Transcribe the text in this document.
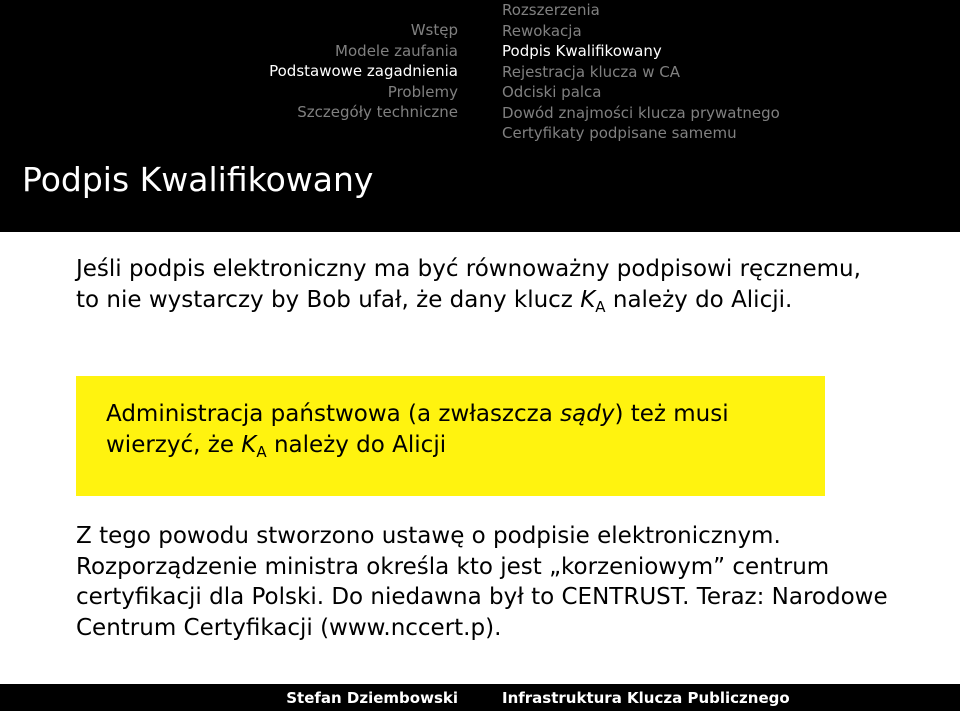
Wstęp
Modele zaufania
Podstawowe zagadnienia
Problemy
Szczegóły techniczne
Rozszerzenia
Rewokacja
Podpis Kwalifikowany
Rejestracja klucza w CA
Odciski palca
Dowód znajmości klucza prywatnego
Certyfikaty podpisane samemu
Podpis Kwalifikowany
Jeśli podpis elektroniczny ma być równoważny podpisowi ręcznemu, to nie wystarczy by Bob ufał, że dany klucz $K_A$ należy do Alicji.
Administracja państwowa (a zwłaszcza sądy) też musi wierzyć, że $K_A$ należy do Alicji
Z tego powodu stworzono ustawę o podpisie elektronicznym. Rozporządzenie ministra określa kto jest „korzeniowym” centrum certyfikacji dla Polski. Do niedawna był to CENTRUST. Teraz: Narodowe Centrum Certyfikacji (www.nccert.p).
Stefan Dziembowski	Infrastruktura Klucza Publicznego
